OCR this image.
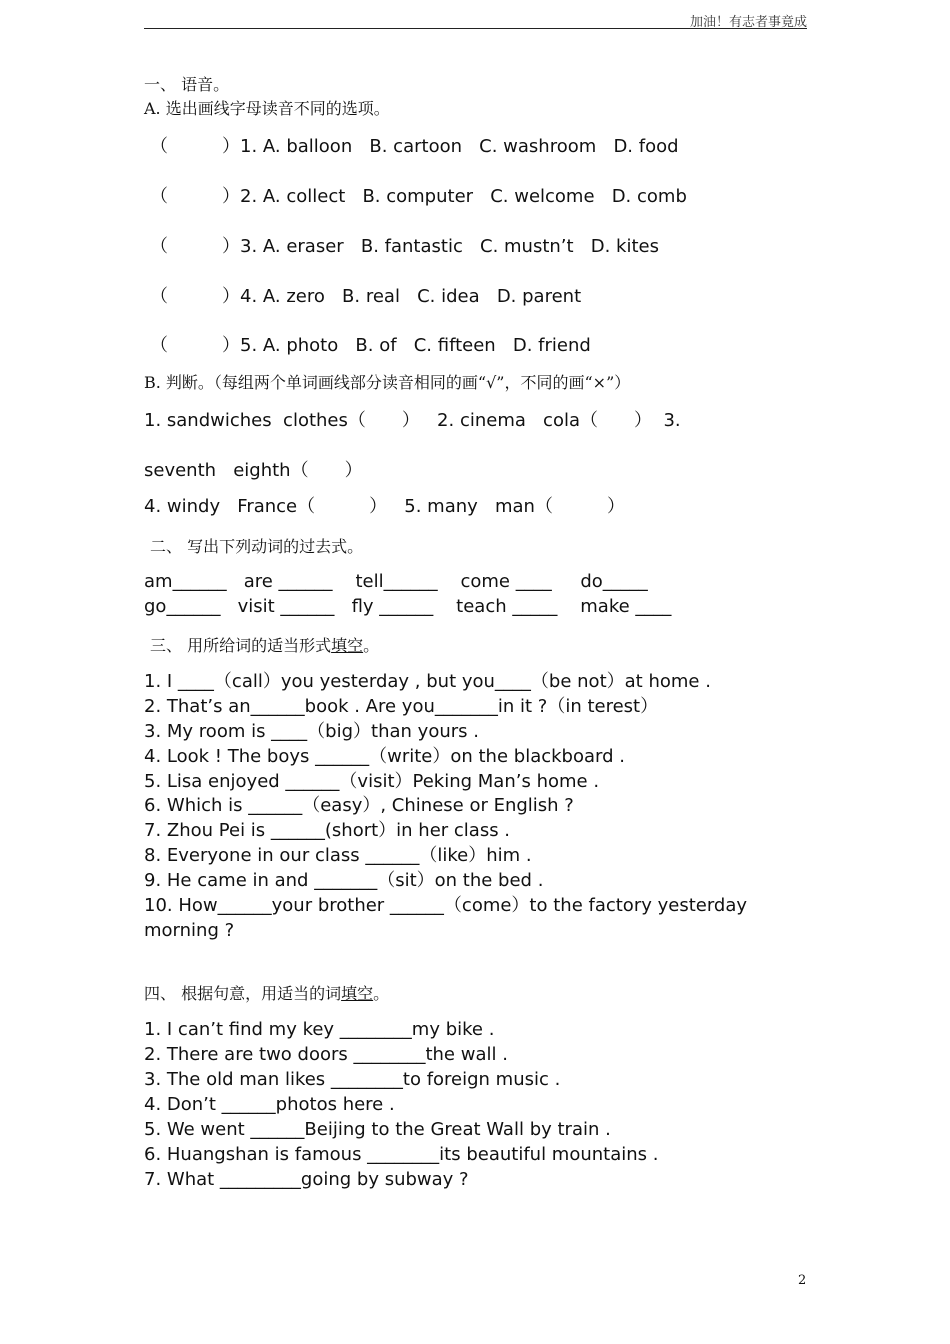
加油！有志者事竟成
一、 语音。
A. 选出画线字母读音不同的选项。
（　　　）1. A. balloon   B. cartoon   C. washroom   D. food
（　　　）2. A. collect   B. computer   C. welcome   D. comb
（　　　）3. A. eraser   B. fantastic   C. mustn’t   D. kites
（　　　）4. A. zero   B. real   C. idea   D. parent
（　　　）5. A. photo   B. of   C. fifteen   D. friend
B. 判断。（每组两个单词画线部分读音相同的画“√”，不同的画“×”）
1. sandwiches  clothes（　　）   2. cinema   cola（　　）  3.
seventh   eighth（　　）
4. windy   France（　　　）   5. many   man（　　　）
二、 写出下列动词的过去式。
am______   are ______    tell______    come ____     do_____
go______   visit ______   fly ______    teach _____    make ____
三、 用所给词的适当形式填空。
1. I ____（call）you yesterday , but you____（be not）at home .
2. That’s an______book . Are you_______in it ?（in terest）
3. My room is ____（big）than yours .
4. Look ! The boys ______（write）on the blackboard .
5. Lisa enjoyed ______（visit）Peking Man’s home .
6. Which is ______（easy）, Chinese or English ?
7. Zhou Pei is ______(short）in her class .
8. Everyone in our class ______（like）him .
9. He came in and _______（sit）on the bed .
10. How______your brother ______（come）to the factory yesterday
morning ?
四、 根据句意，用适当的词填空。
1. I can’t find my key ________my bike .
2. There are two doors ________the wall .
3. The old man likes ________to foreign music .
4. Don’t ______photos here .
5. We went ______Beijing to the Great Wall by train .
6. Huangshan is famous ________its beautiful mountains .
7. What _________going by subway ?
2
